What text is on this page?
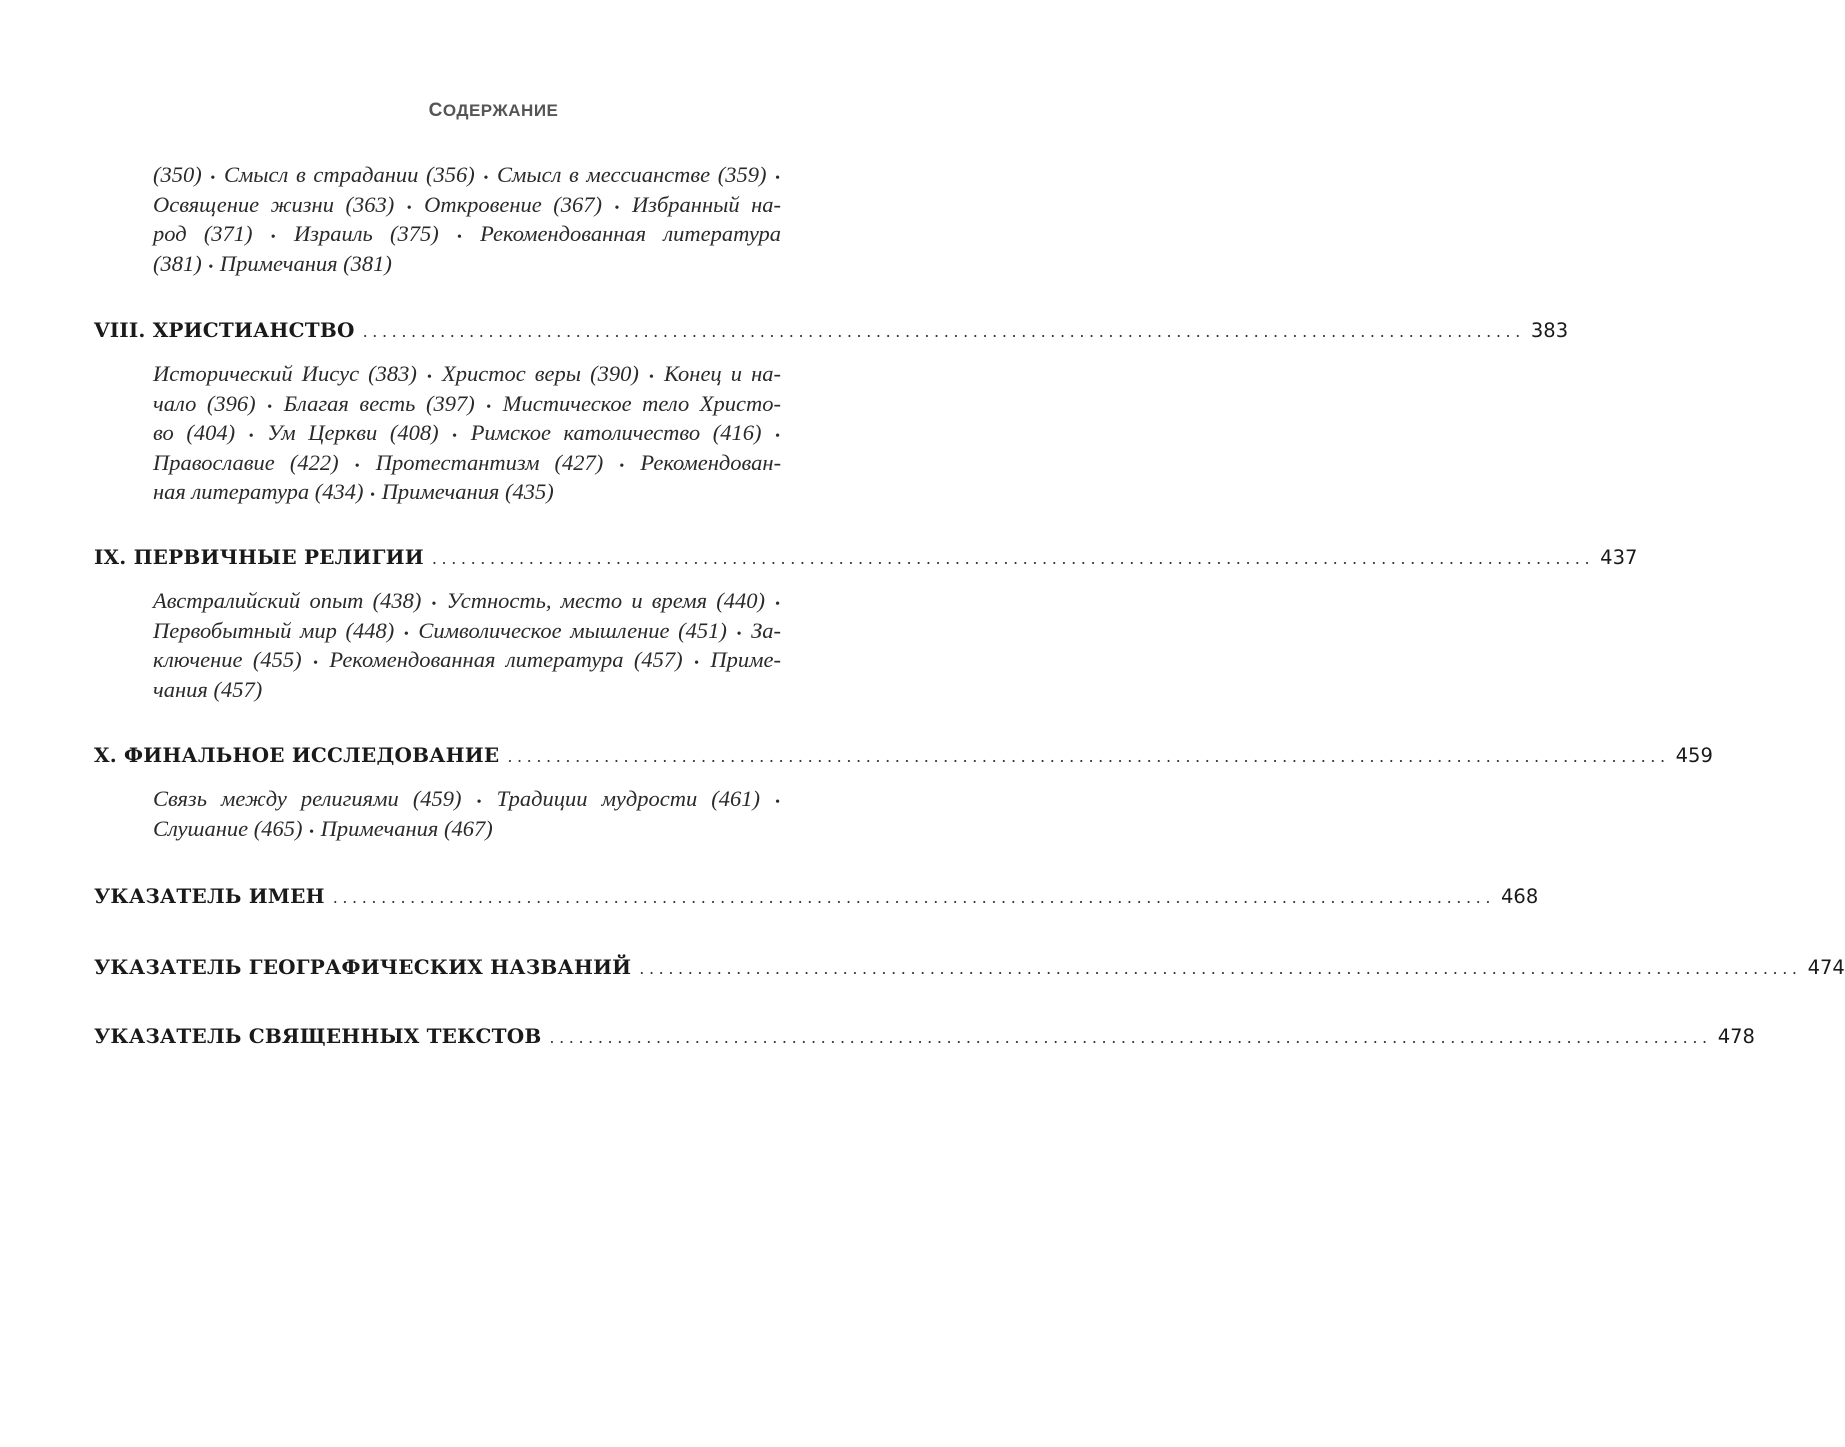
СОДЕРЖАНИЕ
(350) • Смысл в страдании (356) • Смысл в мессианстве (359) •
Освящение жизни (363) • Откровение (367) • Избранный на-
род (371) • Израиль (375) • Рекомендованная литература
(381) • Примечания (381)
VIII. ХРИСТИАНСТВО ........................................................................................................................ 383
Исторический Иисус (383) • Христос веры (390) • Конец и на-
чало (396) • Благая весть (397) • Мистическое тело Христо-
во (404) • Ум Церкви (408) • Римское католичество (416) •
Православие (422) • Протестантизм (427) • Рекомендован-
ная литература (434) • Примечания (435)
IX. ПЕРВИЧНЫЕ РЕЛИГИИ ........................................................................................................................ 437
Австралийский опыт (438) • Устность, место и время (440) •
Первобытный мир (448) • Символическое мышление (451) • За-
ключение (455) • Рекомендованная литература (457) • Приме-
чания (457)
X. ФИНАЛЬНОЕ ИССЛЕДОВАНИЕ ........................................................................................................................ 459
Связь между религиями (459) • Традиции мудрости (461) •
Слушание (465) • Примечания (467)
УКАЗАТЕЛЬ ИМЕН ........................................................................................................................ 468
УКАЗАТЕЛЬ ГЕОГРАФИЧЕСКИХ НАЗВАНИЙ ........................................................................................................................ 474
УКАЗАТЕЛЬ СВЯЩЕННЫХ ТЕКСТОВ ........................................................................................................................ 478
